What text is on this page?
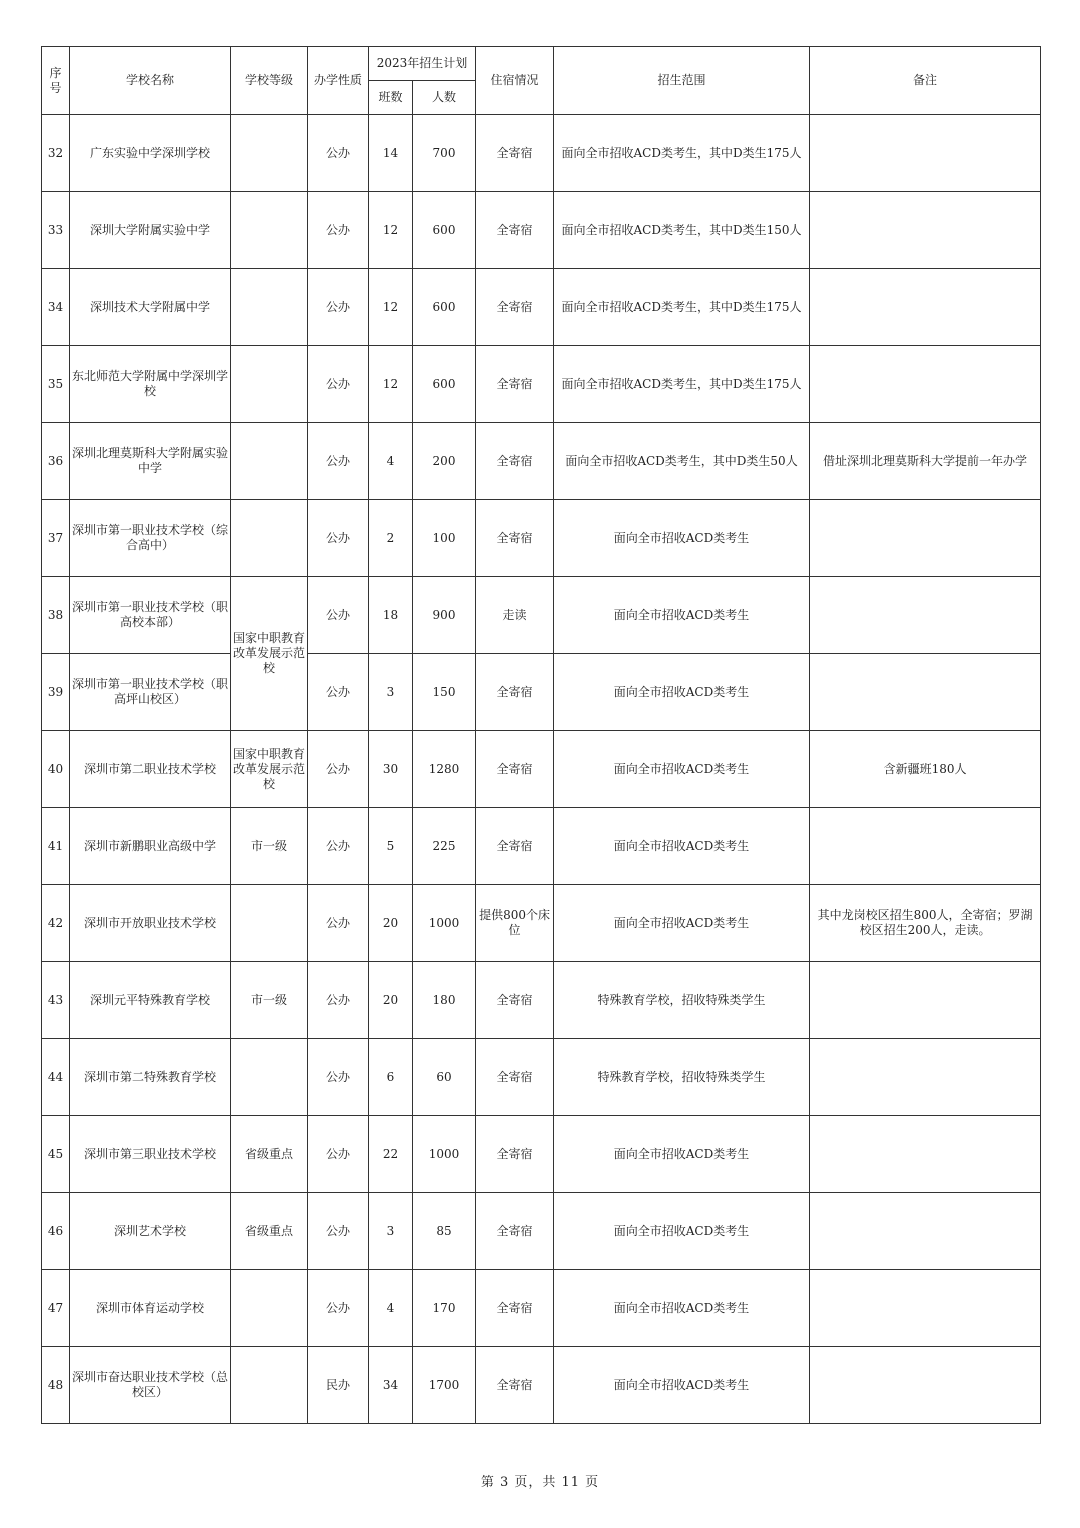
序号	学校名称	学校等级	办学性质	2023年招生计划		住宿情况	招生范围	备注
				班数	人数			
32	广东实验中学深圳学校		公办	14	700	全寄宿	面向全市招收ACD类考生，其中D类生175人	
33	深圳大学附属实验中学		公办	12	600	全寄宿	面向全市招收ACD类考生，其中D类生150人	
34	深圳技术大学附属中学		公办	12	600	全寄宿	面向全市招收ACD类考生，其中D类生175人	
35	东北师范大学附属中学深圳学校		公办	12	600	全寄宿	面向全市招收ACD类考生，其中D类生175人	
36	深圳北理莫斯科大学附属实验中学		公办	4	200	全寄宿	面向全市招收ACD类考生，其中D类生50人	借址深圳北理莫斯科大学提前一年办学
37	深圳市第一职业技术学校（综合高中）		公办	2	100	全寄宿	面向全市招收ACD类考生	
38	深圳市第一职业技术学校（职高校本部）	国家中职教育改革发展示范校	公办	18	900	走读	面向全市招收ACD类考生	
39	深圳市第一职业技术学校（职高坪山校区）		公办	3	150	全寄宿	面向全市招收ACD类考生	
40	深圳市第二职业技术学校	国家中职教育改革发展示范校	公办	30	1280	全寄宿	面向全市招收ACD类考生	含新疆班180人
41	深圳市新鹏职业高级中学	市一级	公办	5	225	全寄宿	面向全市招收ACD类考生	
42	深圳市开放职业技术学校		公办	20	1000	提供800个床位	面向全市招收ACD类考生	其中龙岗校区招生800人，全寄宿；罗湖校区招生200人，走读。
43	深圳元平特殊教育学校	市一级	公办	20	180	全寄宿	特殊教育学校，招收特殊类学生	
44	深圳市第二特殊教育学校		公办	6	60	全寄宿	特殊教育学校，招收特殊类学生	
45	深圳市第三职业技术学校	省级重点	公办	22	1000	全寄宿	面向全市招收ACD类考生	
46	深圳艺术学校	省级重点	公办	3	85	全寄宿	面向全市招收ACD类考生	
47	深圳市体育运动学校		公办	4	170	全寄宿	面向全市招收ACD类考生	
48	深圳市奋达职业技术学校（总校区）		民办	34	1700	全寄宿	面向全市招收ACD类考生	
第 3 页，共 11 页
